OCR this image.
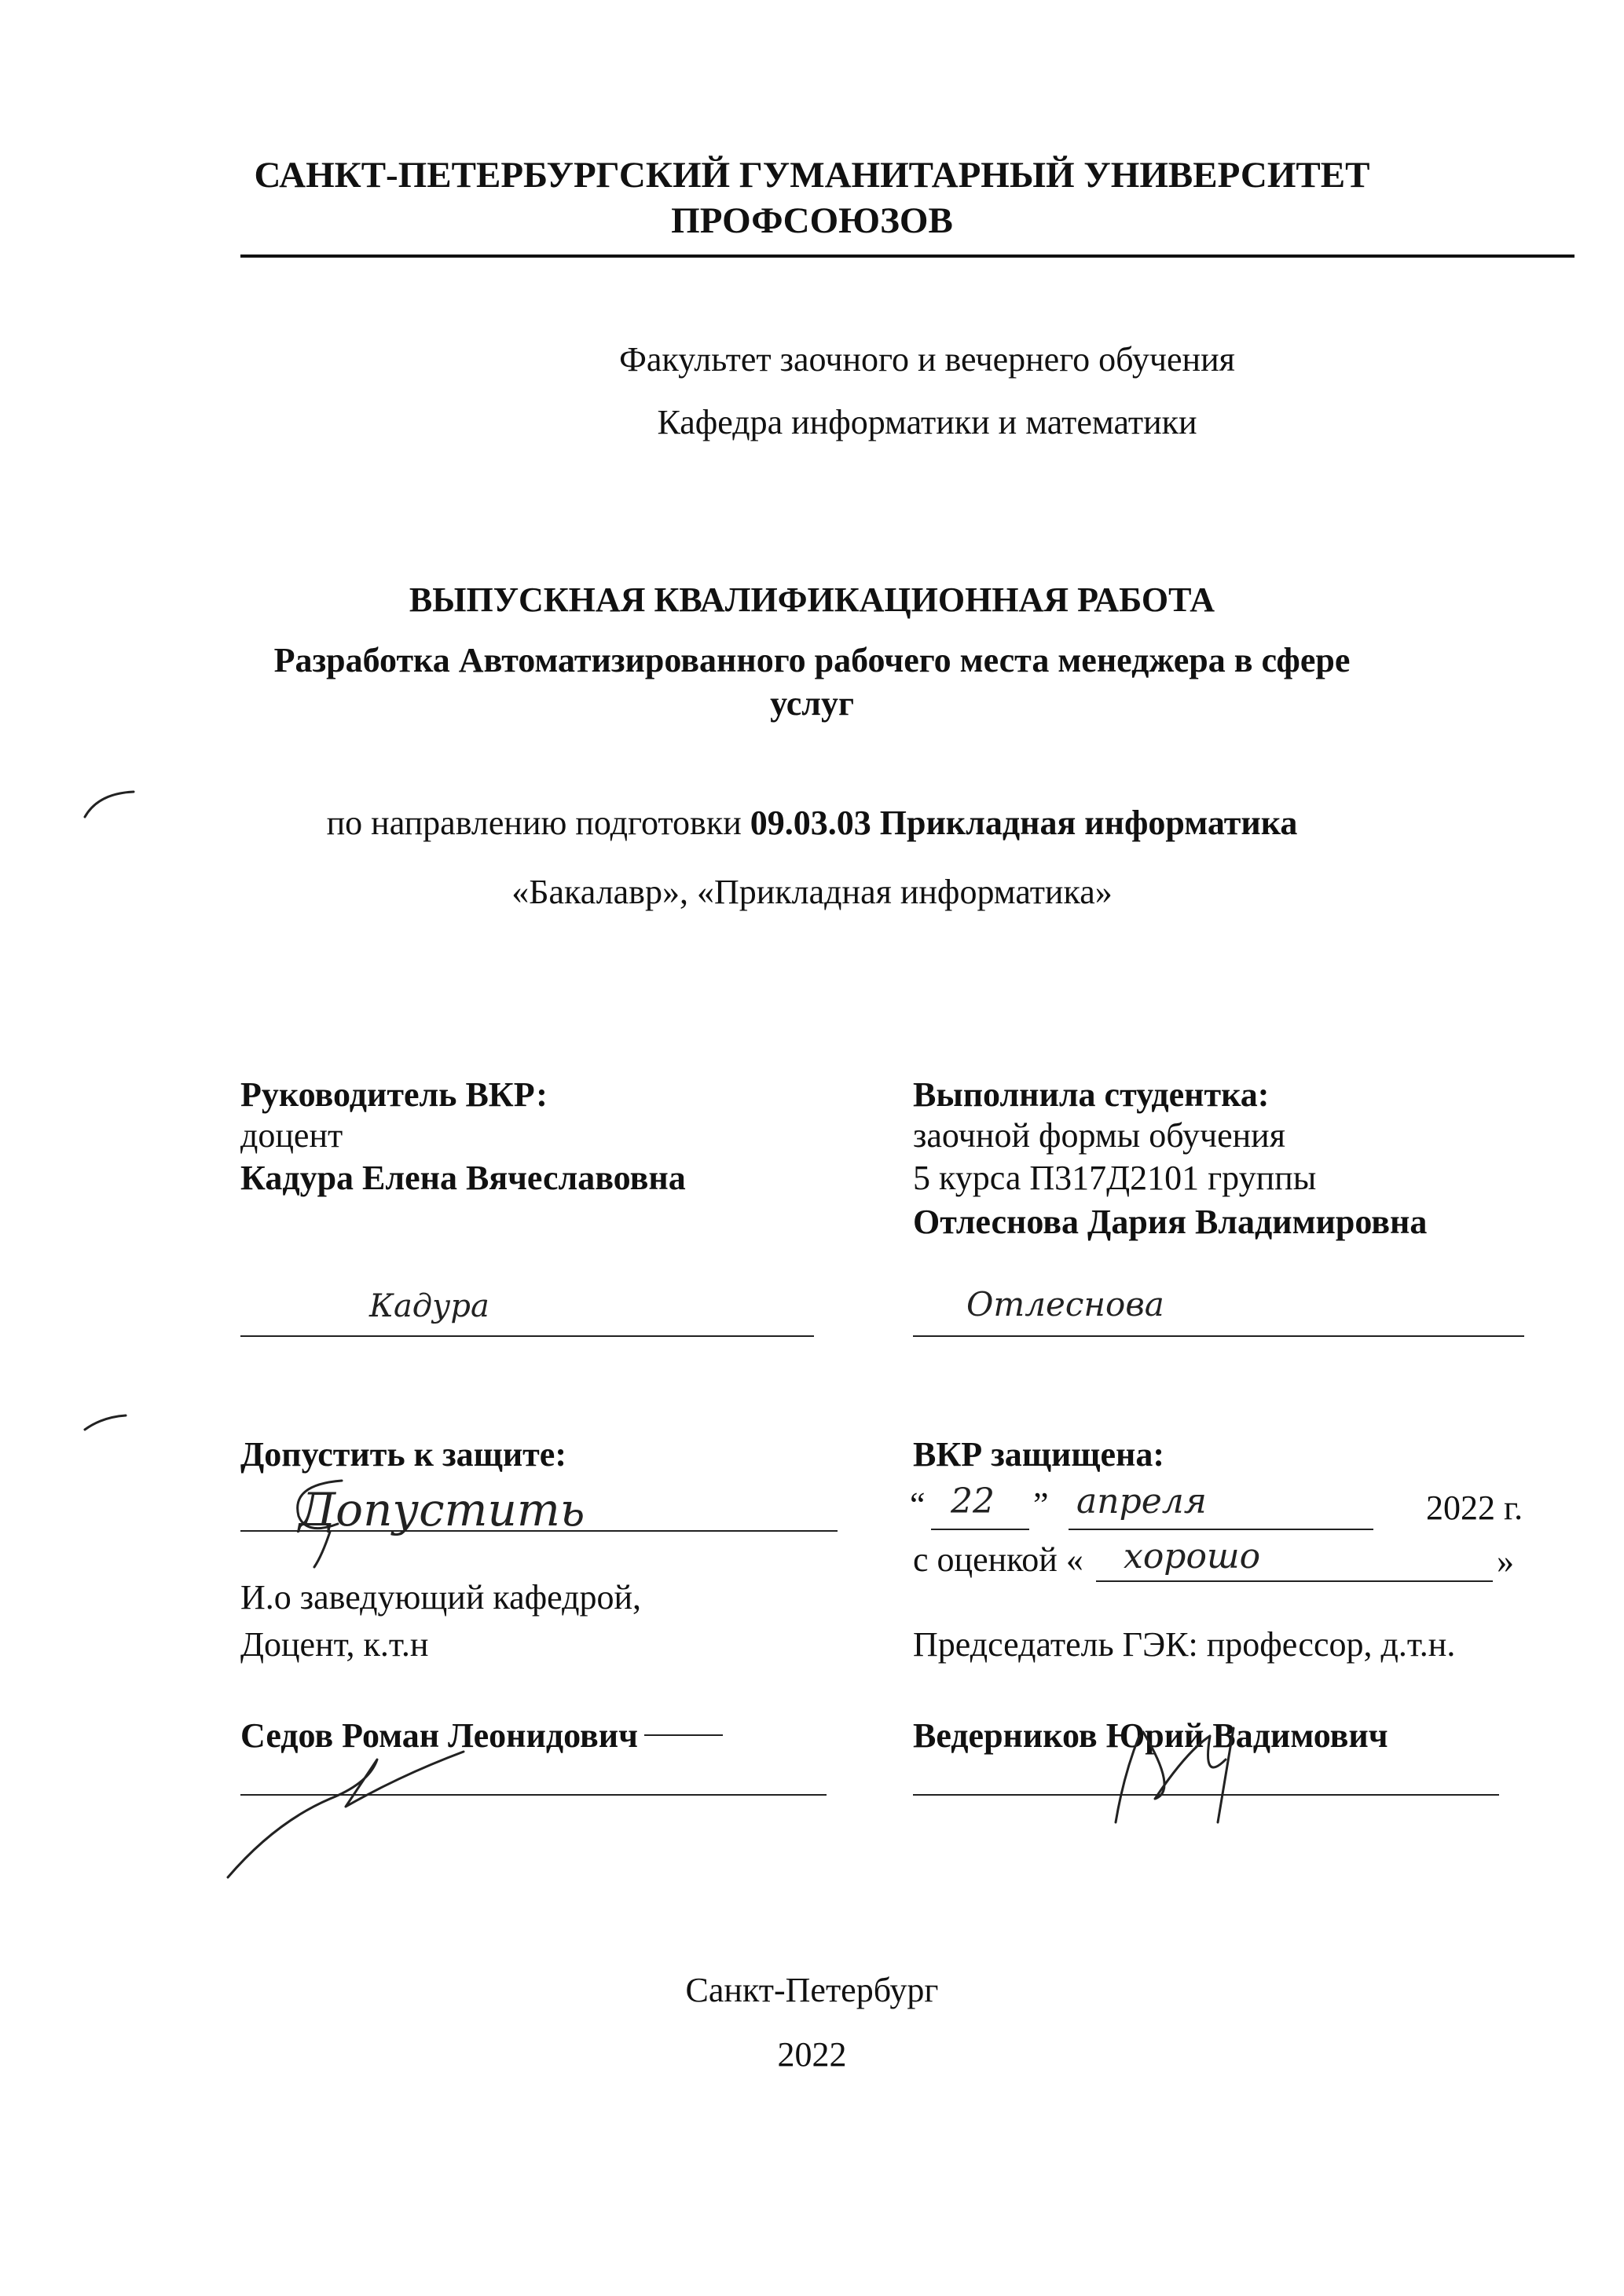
САНКТ-ПЕТЕРБУРГСКИЙ ГУМАНИТАРНЫЙ УНИВЕРСИТЕТ
ПРОФСОЮЗОВ
Факультет заочного и вечернего обучения
Кафедра информатики и математики
ВЫПУСКНАЯ КВАЛИФИКАЦИОННАЯ РАБОТА
Разработка Автоматизированного рабочего места менеджера в сфере
услуг
по направлению подготовки 09.03.03 Прикладная информатика
«Бакалавр», «Прикладная информатика»
Руководитель ВКР:
доцент
Кадура Елена Вячеславовна
Кадура
Выполнила студентка:
заочной формы обучения
5 курса П317Д2101 группы
Отлеснова Дария Владимировна
Отлеснова
Допустить к защите:
Допустить
И.о заведующий кафедрой,
Доцент, к.т.н
Седов Роман Леонидович
ВКР защищена:
“ 22 ” апреля	2022 г.
с оценкой « хорошо	»
Председатель ГЭК: профессор, д.т.н.
Ведерников Юрий Вадимович
Санкт-Петербург
2022
